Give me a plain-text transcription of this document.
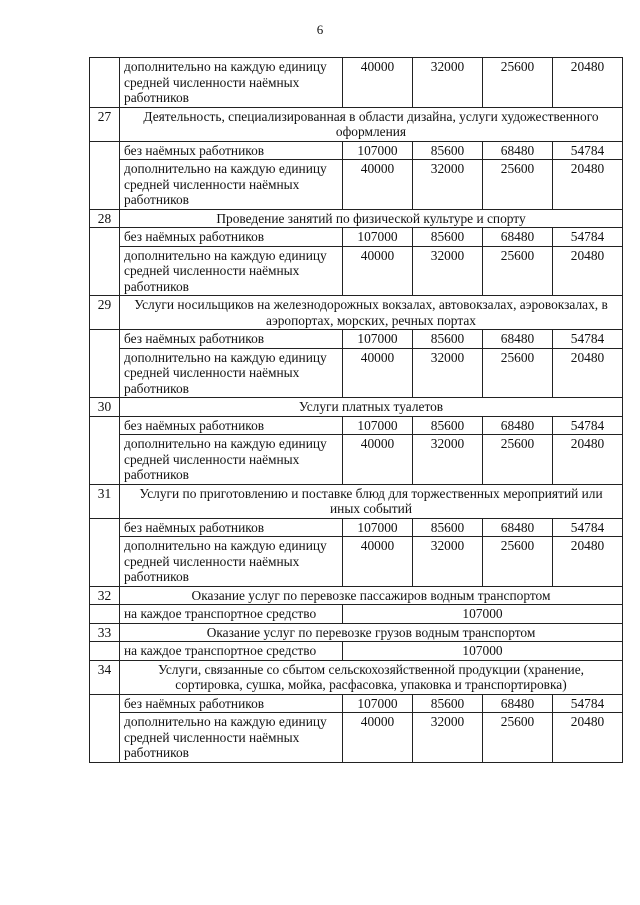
6
	дополнительно на каждую единицу средней численности наёмных работников	40000	32000	25600	20480
27	Деятельность, специализированная в области дизайна, услуги художественного оформления				
	без наёмных работников	107000	85600	68480	54784
	дополнительно на каждую единицу средней численности наёмных работников	40000	32000	25600	20480
28	Проведение занятий по физической культуре и спорту				
	без наёмных работников	107000	85600	68480	54784
	дополнительно на каждую единицу средней численности наёмных работников	40000	32000	25600	20480
29	Услуги носильщиков на железнодорожных вокзалах, автовокзалах, аэровокзалах, в аэропортах, морских, речных портах				
	без наёмных работников	107000	85600	68480	54784
	дополнительно на каждую единицу средней численности наёмных работников	40000	32000	25600	20480
30	Услуги платных туалетов				
	без наёмных работников	107000	85600	68480	54784
	дополнительно на каждую единицу средней численности наёмных работников	40000	32000	25600	20480
31	Услуги по приготовлению и поставке блюд для торжественных мероприятий или иных событий				
	без наёмных работников	107000	85600	68480	54784
	дополнительно на каждую единицу средней численности наёмных работников	40000	32000	25600	20480
32	Оказание услуг по перевозке пассажиров водным транспортом				
	на каждое транспортное средство	107000			
33	Оказание услуг по перевозке грузов водным транспортом				
	на каждое транспортное средство	107000			
34	Услуги, связанные со сбытом сельскохозяйственной продукции (хранение, сортировка, сушка, мойка, расфасовка, упаковка и транспортировка)				
	без наёмных работников	107000	85600	68480	54784
	дополнительно на каждую единицу средней численности наёмных работников	40000	32000	25600	20480
